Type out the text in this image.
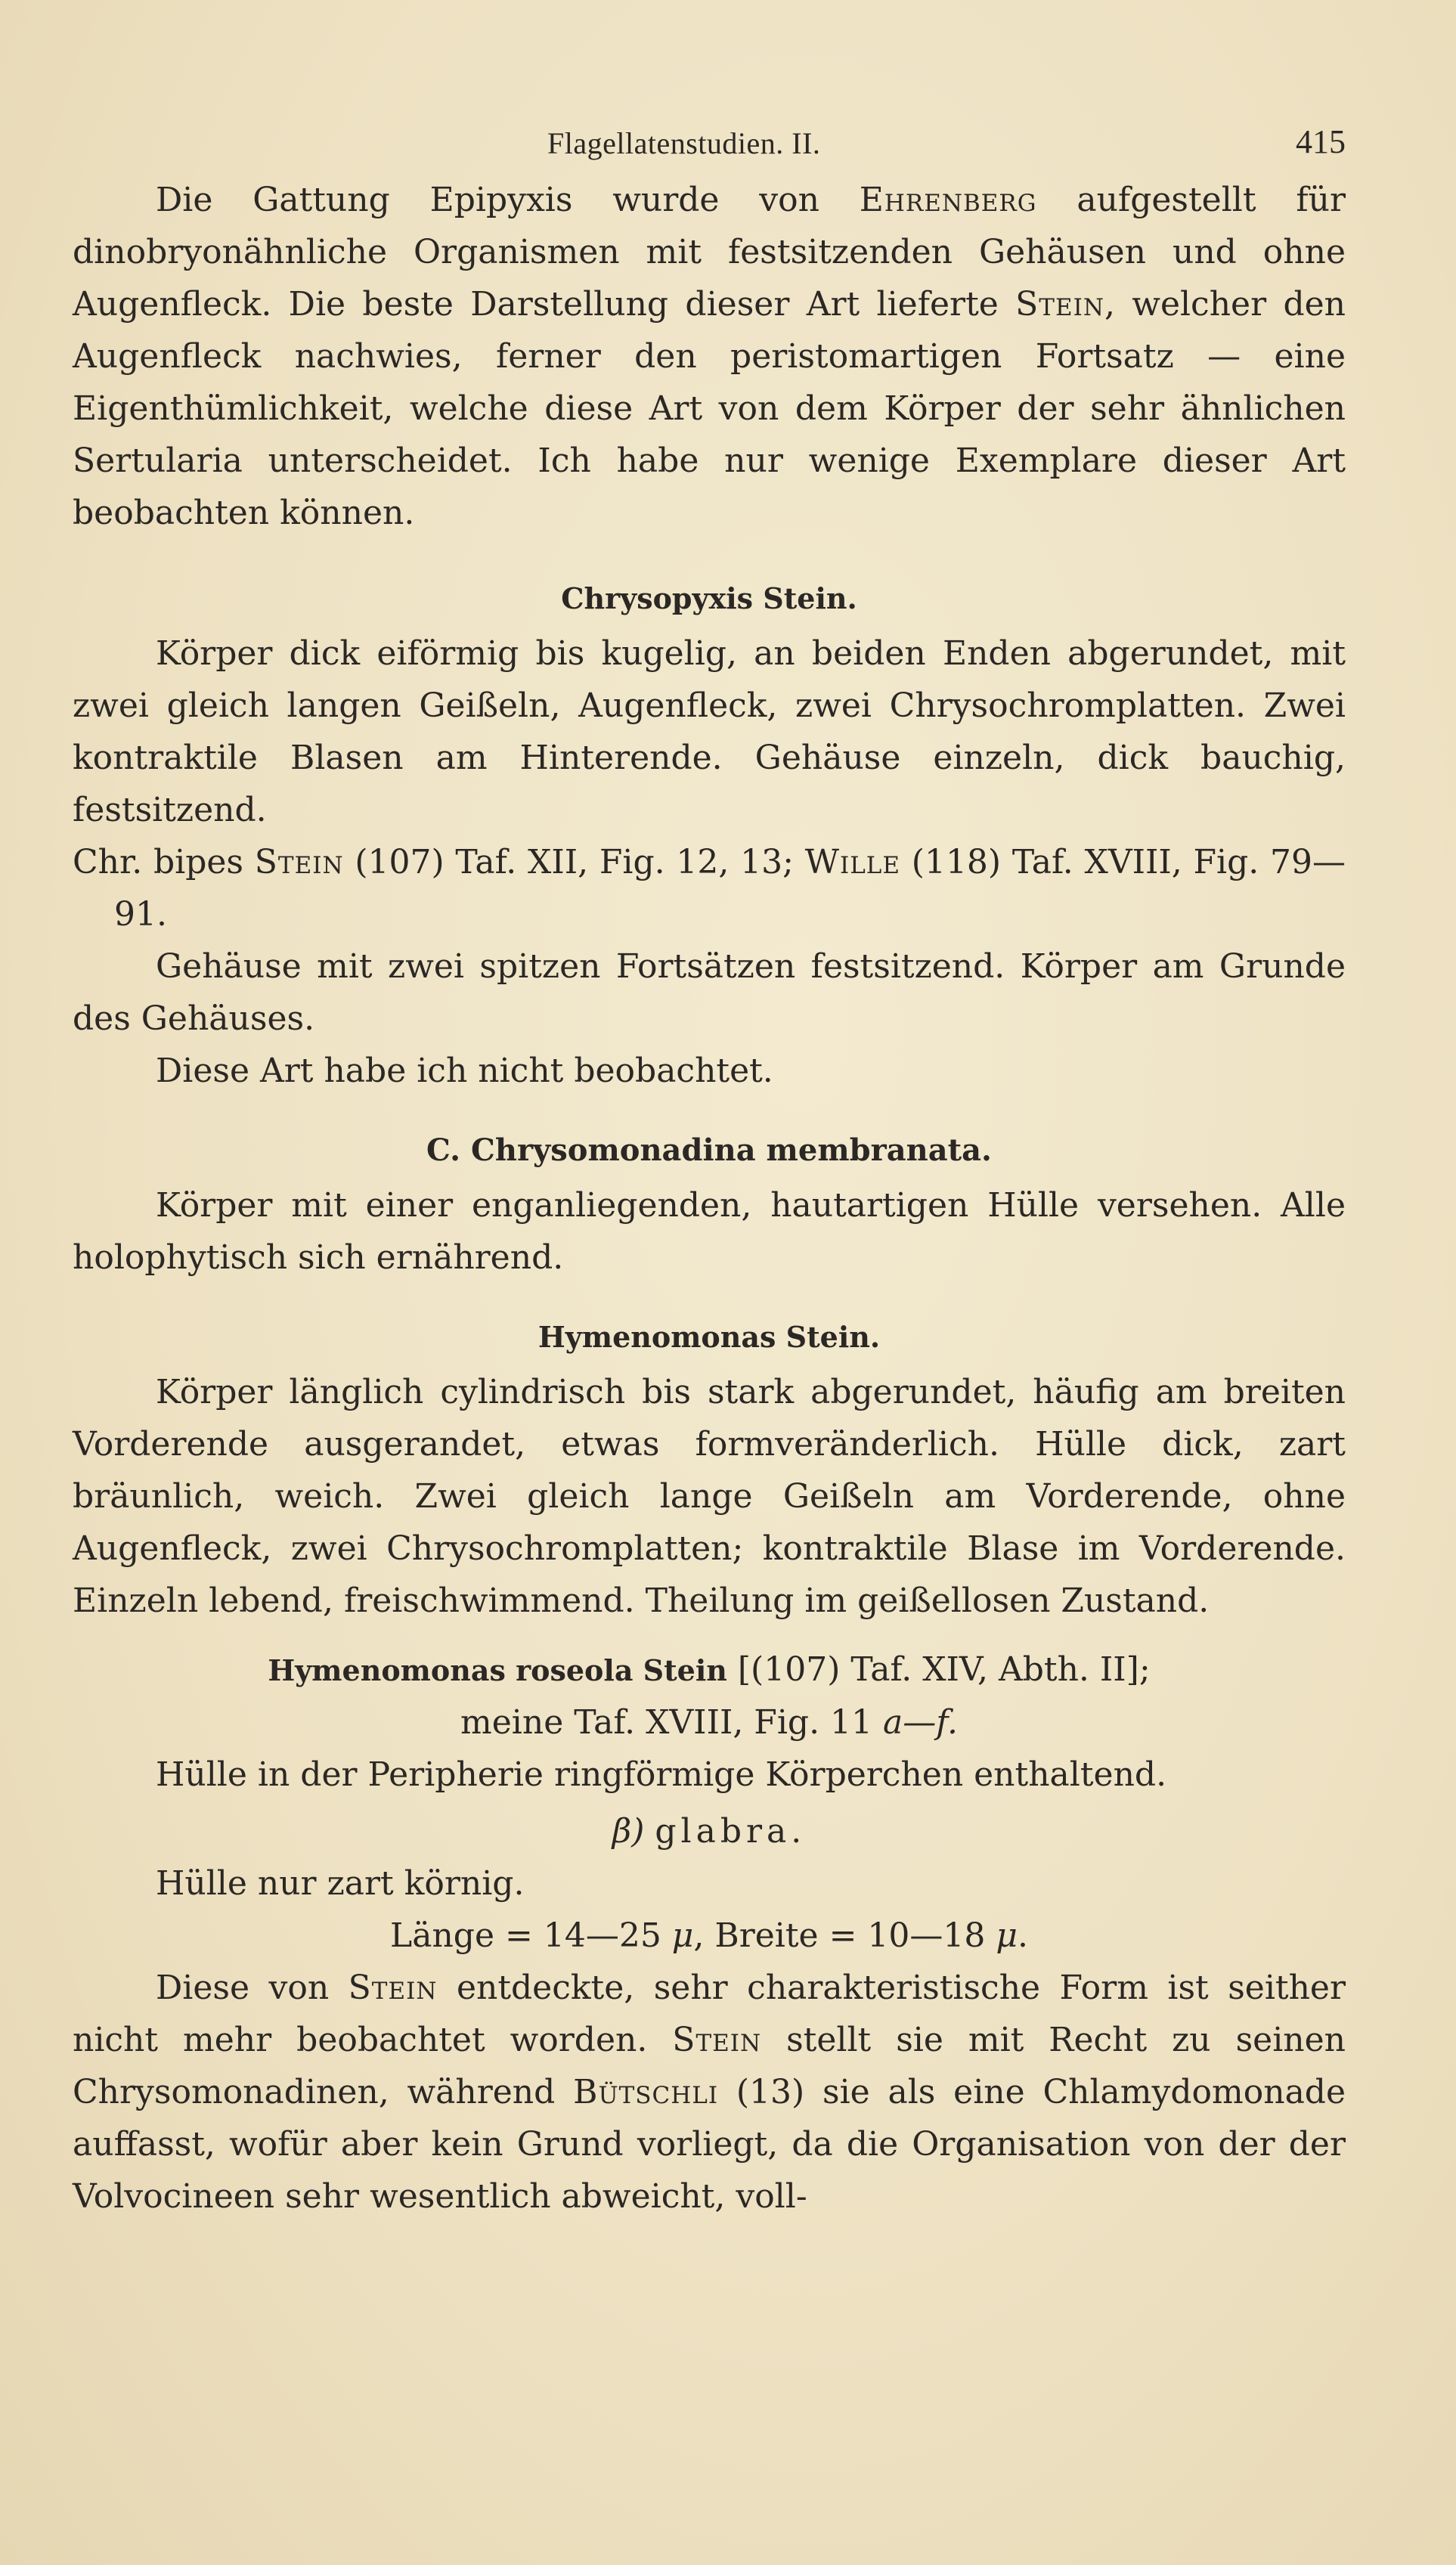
Flagellatenstudien. II.	415

Die Gattung Epipyxis wurde von Ehrenberg aufgestellt für dinobryonähnliche Organismen mit festsitzenden Gehäusen und ohne Augenfleck. Die beste Darstellung dieser Art lieferte Stein, welcher den Augenfleck nachwies, ferner den peristomartigen Fortsatz — eine Eigenthümlichkeit, welche diese Art von dem Körper der sehr ähnlichen Sertularia unterscheidet. Ich habe nur wenige Exemplare dieser Art beobachten können.

Chrysopyxis Stein.

Körper dick eiförmig bis kugelig, an beiden Enden abgerundet, mit zwei gleich langen Geißeln, Augenfleck, zwei Chrysochromplatten. Zwei kontraktile Blasen am Hinterende. Gehäuse einzeln, dick bauchig, festsitzend.

Chr. bipes Stein (107) Taf. XII, Fig. 12, 13; Wille (118) Taf. XVIII, Fig. 79—91.

Gehäuse mit zwei spitzen Fortsätzen festsitzend. Körper am Grunde des Gehäuses.

Diese Art habe ich nicht beobachtet.

C. Chrysomonadina membranata.

Körper mit einer enganliegenden, hautartigen Hülle versehen. Alle holophytisch sich ernährend.

Hymenomonas Stein.

Körper länglich cylindrisch bis stark abgerundet, häufig am breiten Vorderende ausgerandet, etwas formveränderlich. Hülle dick, zart bräunlich, weich. Zwei gleich lange Geißeln am Vorderende, ohne Augenfleck, zwei Chrysochromplatten; kontraktile Blase im Vorderende. Einzeln lebend, freischwimmend. Theilung im geißellosen Zustand.

Hymenomonas roseola Stein [(107) Taf. XIV, Abth. II];

meine Taf. XVIII, Fig. 11 a—f.

Hülle in der Peripherie ringförmige Körperchen enthaltend.

β) glabra.

Hülle nur zart körnig.

Länge = 14—25 μ, Breite = 10—18 μ.

Diese von Stein entdeckte, sehr charakteristische Form ist seither nicht mehr beobachtet worden. Stein stellt sie mit Recht zu seinen Chrysomonadinen, während Bütschli (13) sie als eine Chlamydomonade auffasst, wofür aber kein Grund vorliegt, da die Organisation von der der Volvocineen sehr wesentlich abweicht, voll-
